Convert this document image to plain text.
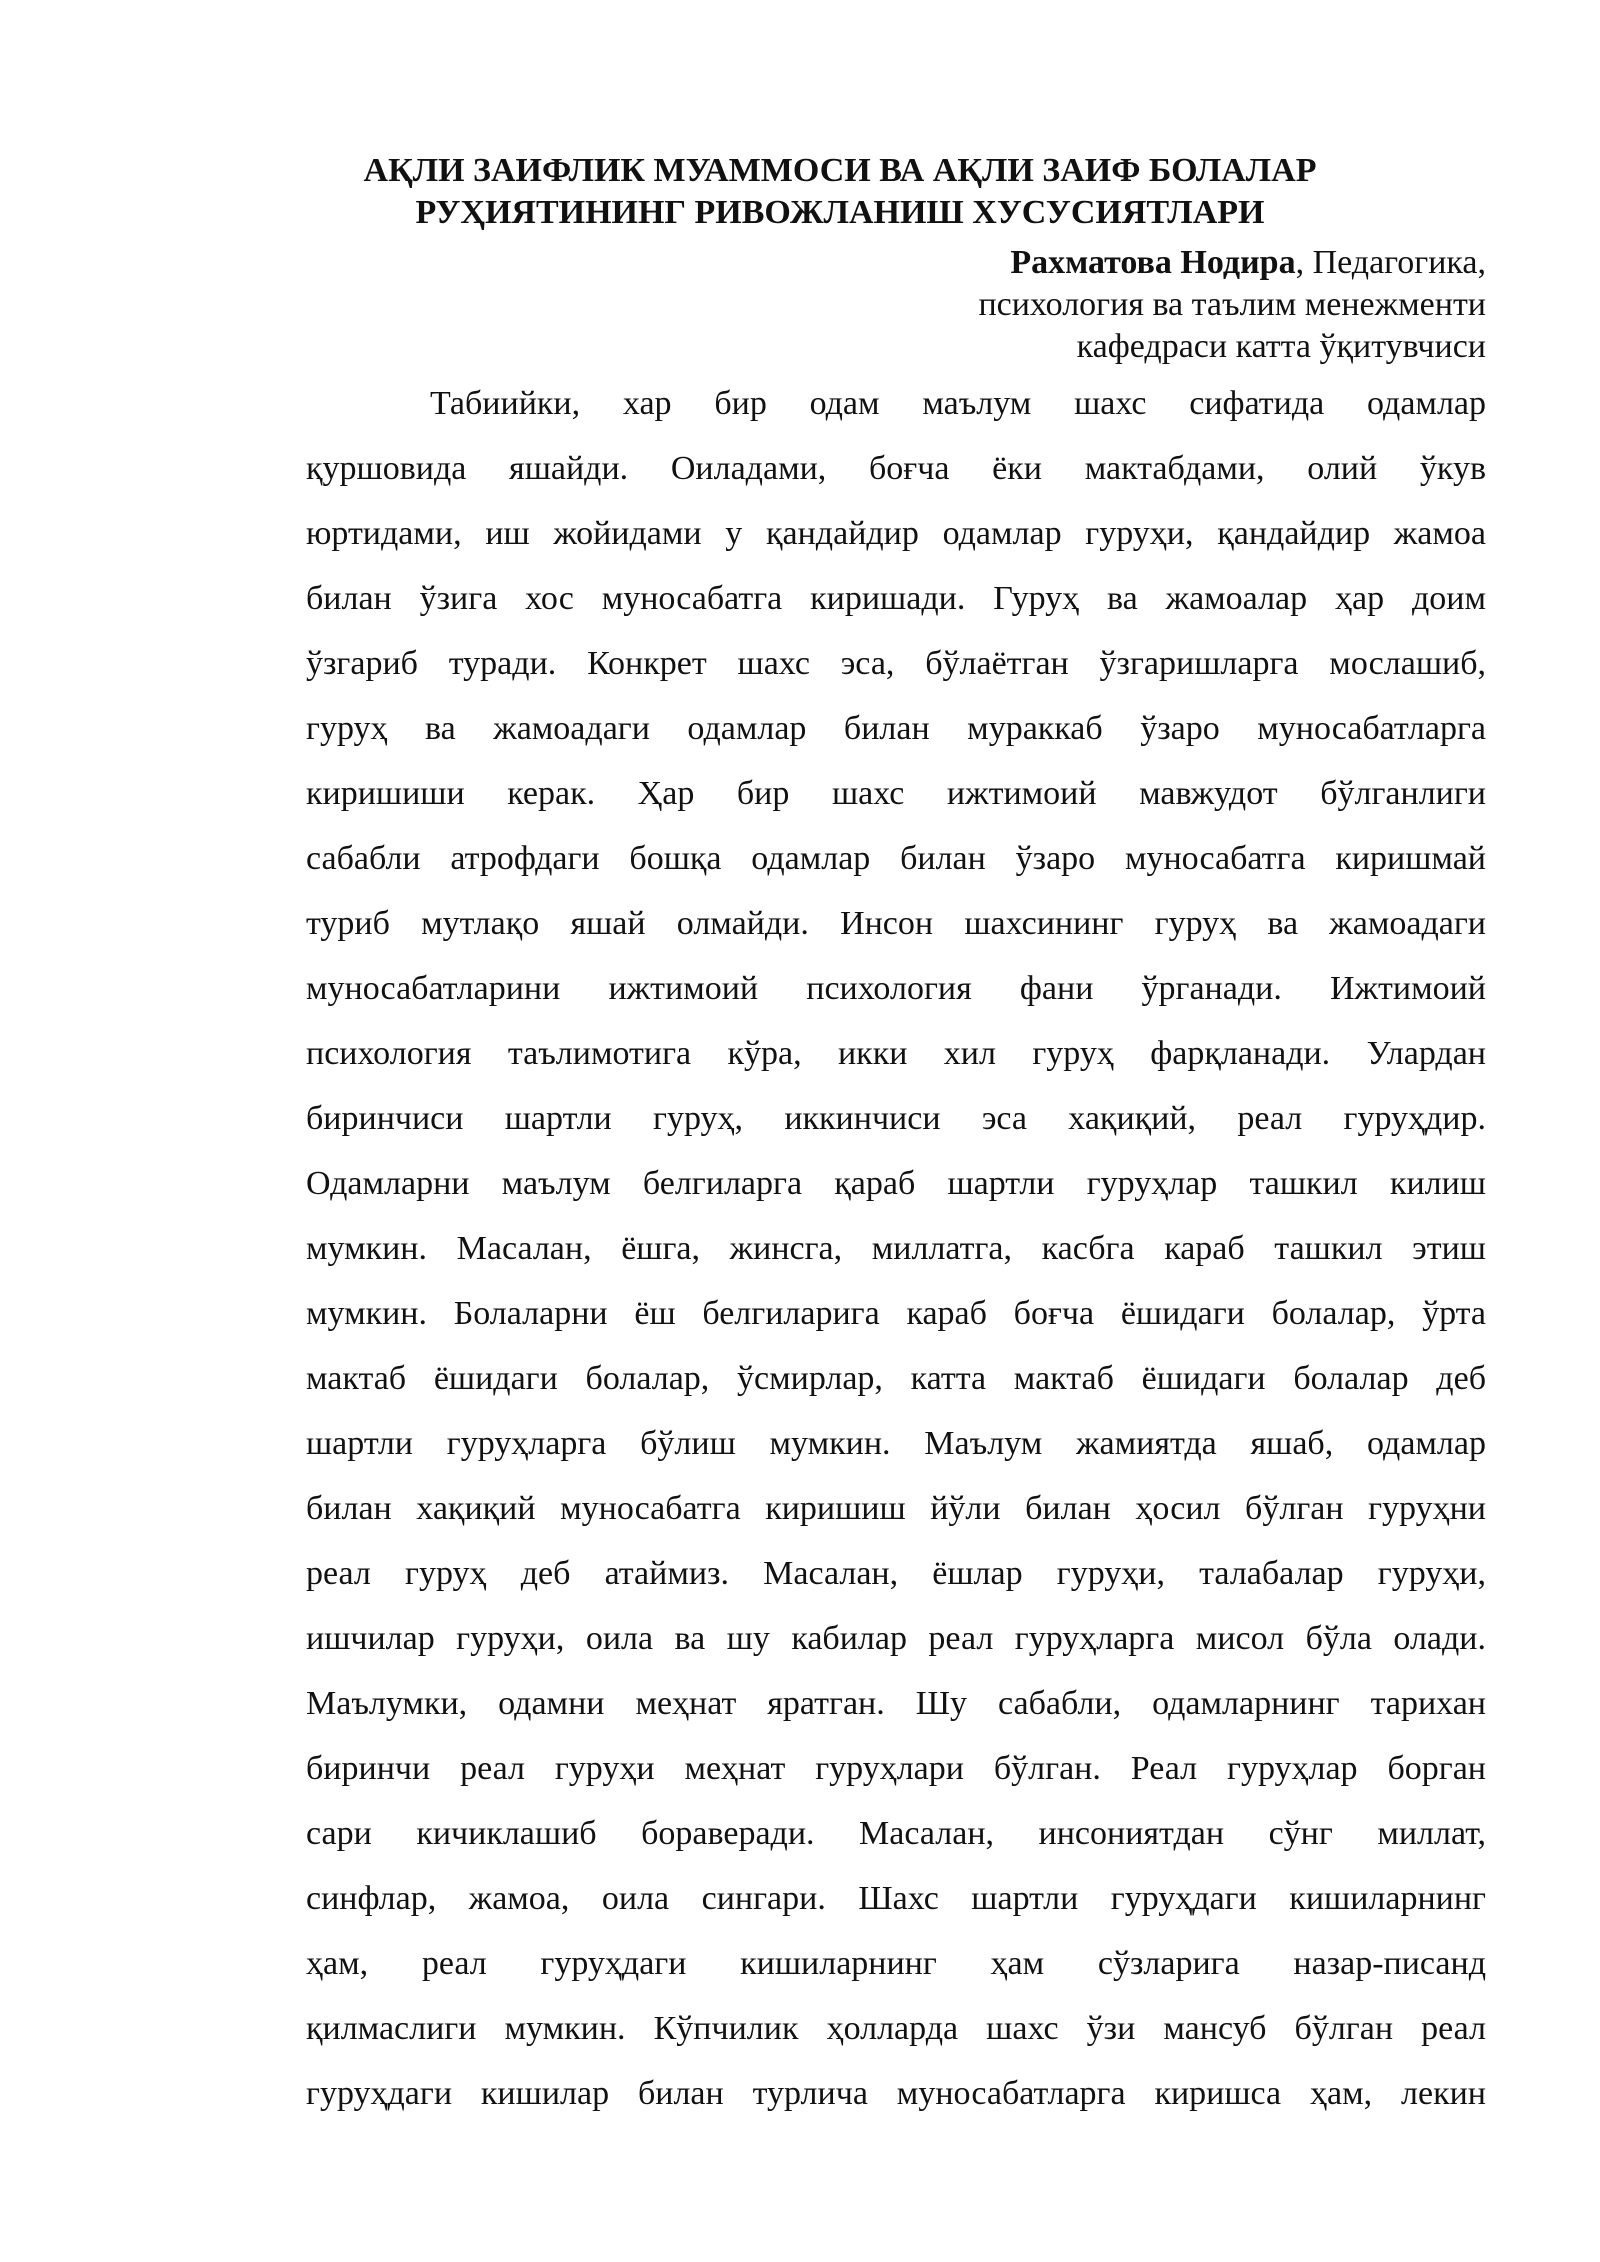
АҚЛИ ЗАИФЛИК МУАММОСИ ВА АҚЛИ ЗАИФ БОЛАЛАР
РУҲИЯТИНИНГ РИВОЖЛАНИШ ХУСУСИЯТЛАРИ
Рахматова Нодира, Педагогика,
психология ва таълим менежменти
кафедраси катта ўқитувчиси
Табиийки, хар бир одам маълум шахс сифатида одамлар
қуршовида яшайди. Оиладами, боғча ёки мактабдами, олий ўкув
юртидами, иш жойидами у қандайдир одамлар гуруҳи, қандайдир жамоа
билан ўзига хос муносабатга киришади. Гуруҳ ва жамоалар ҳар доим
ўзгариб туради. Конкрет шахс эса, бўлаётган ўзгаришларга мослашиб,
гуруҳ ва жамоадаги одамлар билан мураккаб ўзаро муносабатларга
киришиши керак. Ҳар бир шахс ижтимоий мавжудот бўлганлиги
сабабли атрофдаги бошқа одамлар билан ўзаро муносабатга киришмай
туриб мутлақо яшай олмайди. Инсон шахсининг гуруҳ ва жамоадаги
муносабатларини ижтимоий психология фани ўрганади. Ижтимоий
психология таълимотига кўра, икки хил гуруҳ фарқланади. Улардан
биринчиси шартли гуруҳ, иккинчиси эса хақиқий, реал гуруҳдир.
Одамларни маълум белгиларга қараб шартли гуруҳлар ташкил килиш
мумкин. Масалан, ёшга, жинсга, миллатга, касбга караб ташкил этиш
мумкин. Болаларни ёш белгиларига караб боғча ёшидаги болалар, ўрта
мактаб ёшидаги болалар, ўсмирлар, катта мактаб ёшидаги болалар деб
шартли гуруҳларга бўлиш мумкин. Маълум жамиятда яшаб, одамлар
билан хақиқий муносабатга киришиш йўли билан ҳосил бўлган гуруҳни
реал гуруҳ деб атаймиз. Масалан, ёшлар гуруҳи, талабалар гуруҳи,
ишчилар гуруҳи, оила ва шу кабилар реал гуруҳларга мисол бўла олади.
Маълумки, одамни меҳнат яратган. Шу сабабли, одамларнинг тарихан
биринчи реал гуруҳи меҳнат гуруҳлари бўлган. Реал гуруҳлар борган
сари кичиклашиб бораверади. Масалан, инсониятдан сўнг миллат,
синфлар, жамоа, оила сингари. Шахс шартли гуруҳдаги кишиларнинг
ҳам, реал гуруҳдаги кишиларнинг ҳам сўзларига назар-писанд
қилмаслиги мумкин. Кўпчилик ҳолларда шахс ўзи мансуб бўлган реал
гуруҳдаги кишилар билан турлича муносабатларга киришса ҳам, лекин
